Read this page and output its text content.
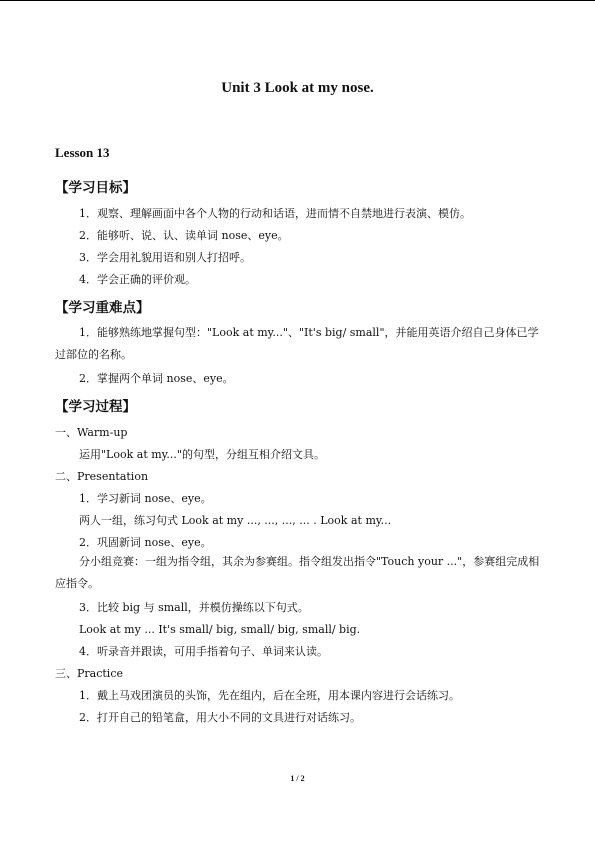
Unit 3 Look at my nose.
Lesson 13
【学习目标】
1．观察、理解画面中各个人物的行动和话语，进而情不自禁地进行表演、模仿。
2．能够听、说、认、读单词 nose、eye。
3．学会用礼貌用语和别人打招呼。
4．学会正确的评价观。
【学习重难点】
1．能够熟练地掌握句型："Look at my..."、"It's big/ small"，并能用英语介绍自己身体已学过部位的名称。
2．掌握两个单词 nose、eye。
【学习过程】
一、Warm-up
运用"Look at my..."的句型，分组互相介绍文具。
二、Presentation
1．学习新词 nose、eye。
两人一组，练习句式 Look at my ..., ..., ..., ... . Look at my...
2．巩固新词 nose、eye。
分小组竞赛：一组为指令组，其余为参赛组。指令组发出指令"Touch your ..."，参赛组完成相应指令。
3．比较 big 与 small，并模仿操练以下句式。
Look at my ... It's small/ big, small/ big, small/ big.
4．听录音并跟读，可用手指着句子、单词来认读。
三、Practice
1．戴上马戏团演员的头饰，先在组内，后在全班，用本课内容进行会话练习。
2．打开自己的铅笔盒，用大小不同的文具进行对话练习。
1 / 2
